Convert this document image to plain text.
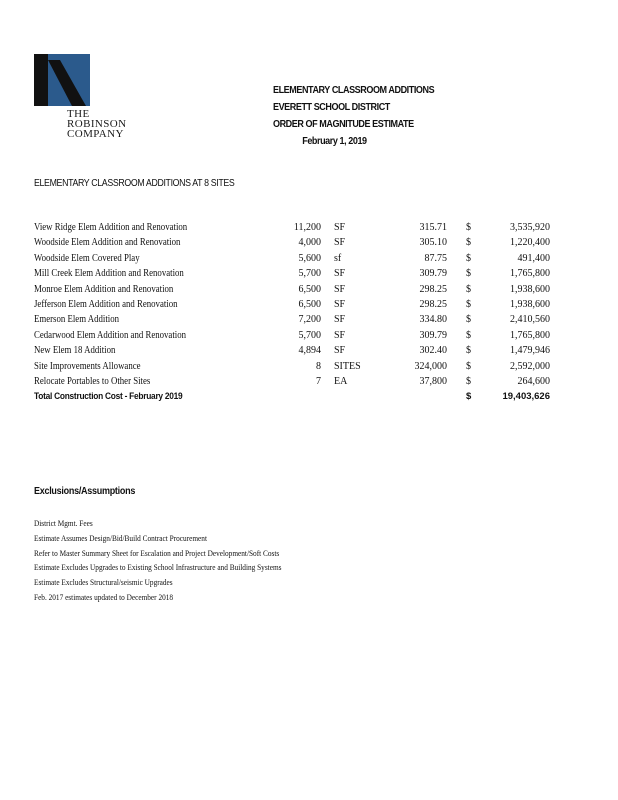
THE
ROBINSON
COMPANY
ELEMENTARY CLASSROOM ADDITIONS
EVERETT SCHOOL DISTRICT
ORDER OF MAGNITUDE ESTIMATE
February 1, 2019
ELEMENTARY CLASSROOM ADDITIONS AT 8 SITES
View Ridge Elem Addition and Renovation	11,200 SF	315.71 $	3,535,920
Woodside Elem Addition and Renovation	4,000 SF	305.10 $	1,220,400
Woodside Elem Covered Play	5,600 sf	87.75 $	491,400
Mill Creek Elem Addition and Renovation	5,700 SF	309.79 $	1,765,800
Monroe Elem Addition and Renovation	6,500 SF	298.25 $	1,938,600
Jefferson Elem Addition and Renovation	6,500 SF	298.25 $	1,938,600
Emerson Elem Addition	7,200 SF	334.80 $	2,410,560
Cedarwood Elem Addition and Renovation	5,700 SF	309.79 $	1,765,800
New Elem 18 Addition	4,894 SF	302.40 $	1,479,946
Site Improvements Allowance	8 SITES	324,000 $	2,592,000
Relocate Portables to Other Sites	7 EA	37,800 $	264,600
Total Construction Cost - February 2019	$	19,403,626
Exclusions/Assumptions
District Mgmt. Fees
Estimate Assumes Design/Bid/Build Contract Procurement
Refer to Master Summary Sheet for Escalation and Project Development/Soft Costs
Estimate Excludes Upgrades to Existing School Infrastructure and Building Systems
Estimate Excludes Structural/seismic Upgrades
Feb. 2017 estimates updated to December 2018
